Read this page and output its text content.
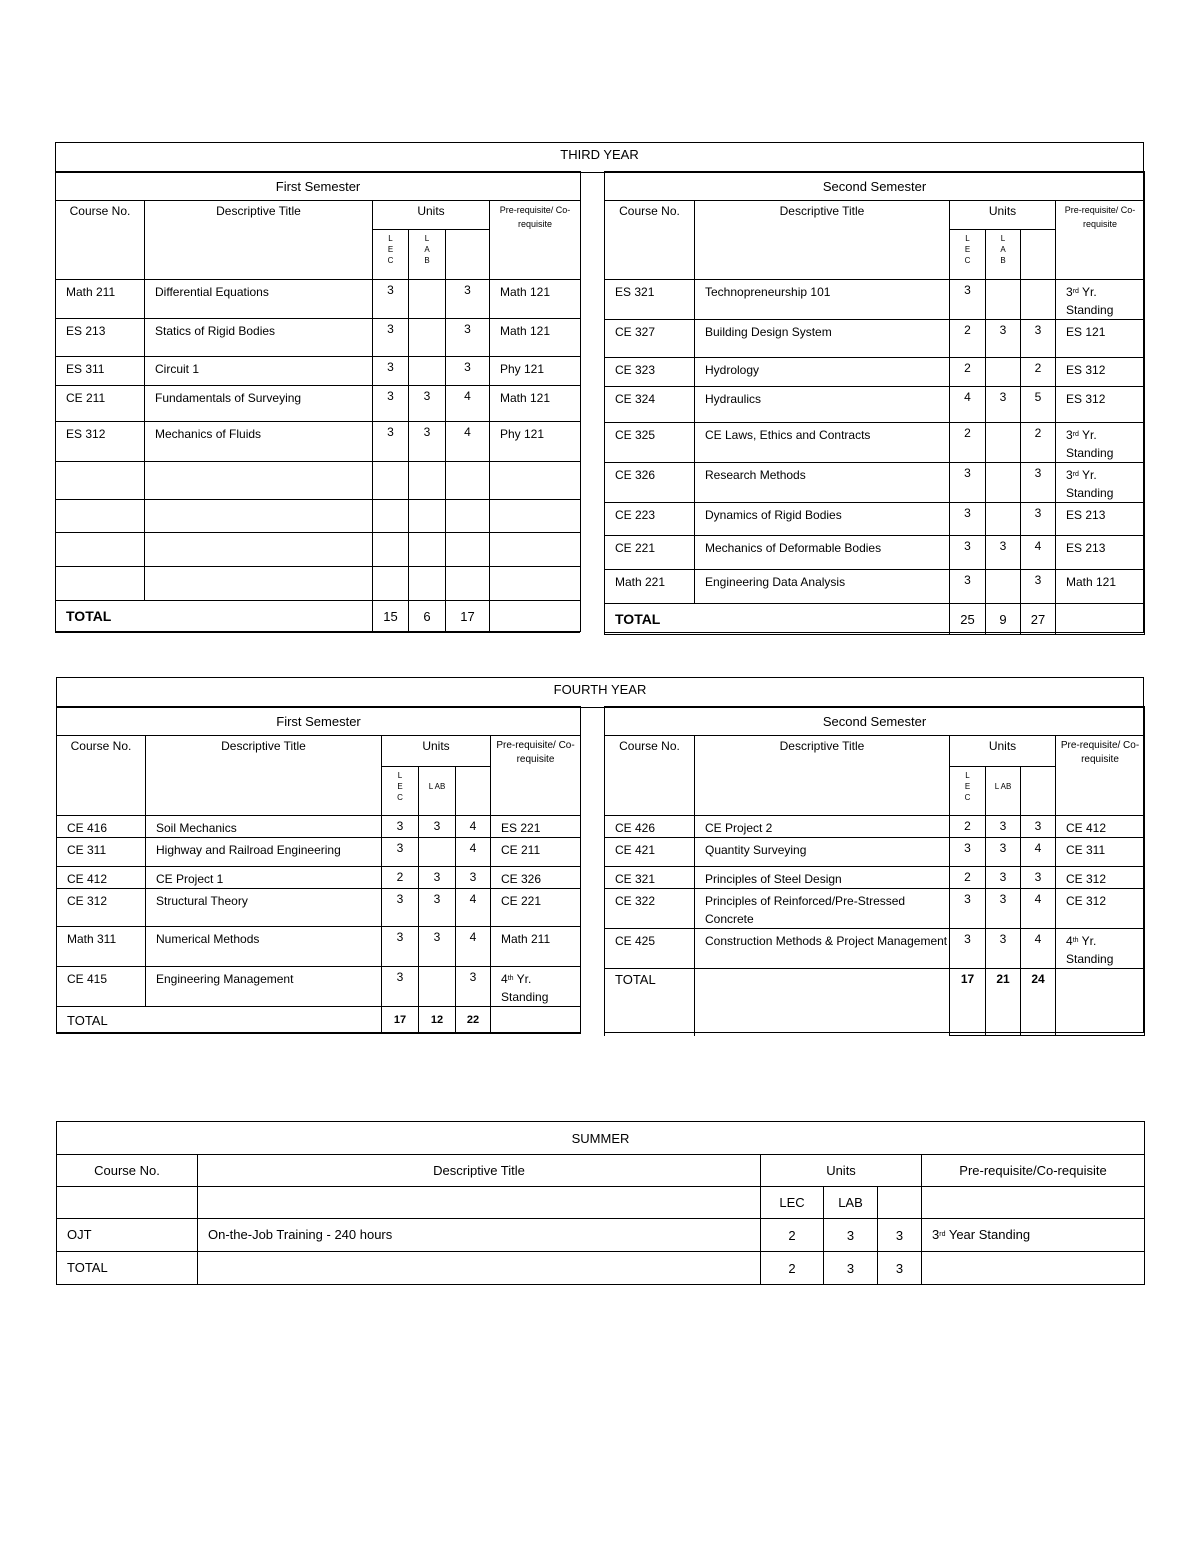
THIRD YEAR
First Semester					
Course No.	Descriptive Title	Units			Pre-requisite/ Co-requisite
		L E C	L A B		
Math 211	Differential Equations	3		3	Math 121
ES 213	Statics of Rigid Bodies	3		3	Math 121
ES 311	Circuit 1	3		3	Phy 121
CE 211	Fundamentals of Surveying	3	3	4	Math 121
ES 312	Mechanics of Fluids	3	3	4	Phy 121

TOTAL		15	6	17	
Second Semester					
Course No.	Descriptive Title	Units			Pre-requisite/ Co-requisite
		L E C	L A B		
ES 321	Technopreneurship 101	3			3rd Yr. Standing
CE 327	Building Design System	2	3	3	ES 121
CE 323	Hydrology	2		2	ES 312
CE 324	Hydraulics	4	3	5	ES 312
CE 325	CE Laws, Ethics and Contracts	2		2	3rd Yr. Standing
CE 326	Research Methods	3		3	3rd Yr. Standing
CE 223	Dynamics of Rigid Bodies	3		3	ES 213
CE 221	Mechanics of Deformable Bodies	3	3	4	ES 213
Math 221	Engineering Data Analysis	3		3	Math 121
TOTAL		25	9	27	
FOURTH YEAR
First Semester					
Course No.	Descriptive Title	Units			Pre-requisite/ Co-requisite
		L E C	L AB		
CE 416	Soil Mechanics	3	3	4	ES 221
CE 311	Highway and Railroad Engineering	3		4	CE 211
CE 412	CE Project 1	2	3	3	CE 326
CE 312	Structural Theory	3	3	4	CE 221
Math 311	Numerical Methods	3	3	4	Math 211
CE 415	Engineering Management	3		3	4th Yr. Standing
TOTAL		17	12	22	
Second Semester					
Course No.	Descriptive Title	Units			Pre-requisite/ Co-requisite
		L E C	L AB		
CE 426	CE Project 2	2	3	3	CE 412
CE 421	Quantity Surveying	3	3	4	CE 311
CE 321	Principles of Steel Design	2	3	3	CE 312
CE 322	Principles of Reinforced/Pre-Stressed Concrete	3	3	4	CE 312
CE 425	Construction Methods & Project Management	3	3	4	4th Yr. Standing
TOTAL		17	21	24	
SUMMER					
Course No.	Descriptive Title	Units			Pre-requisite/Co-requisite
		LEC	LAB		
OJT	On-the-Job Training - 240 hours	2	3	3	3rd Year Standing
TOTAL		2	3	3	
